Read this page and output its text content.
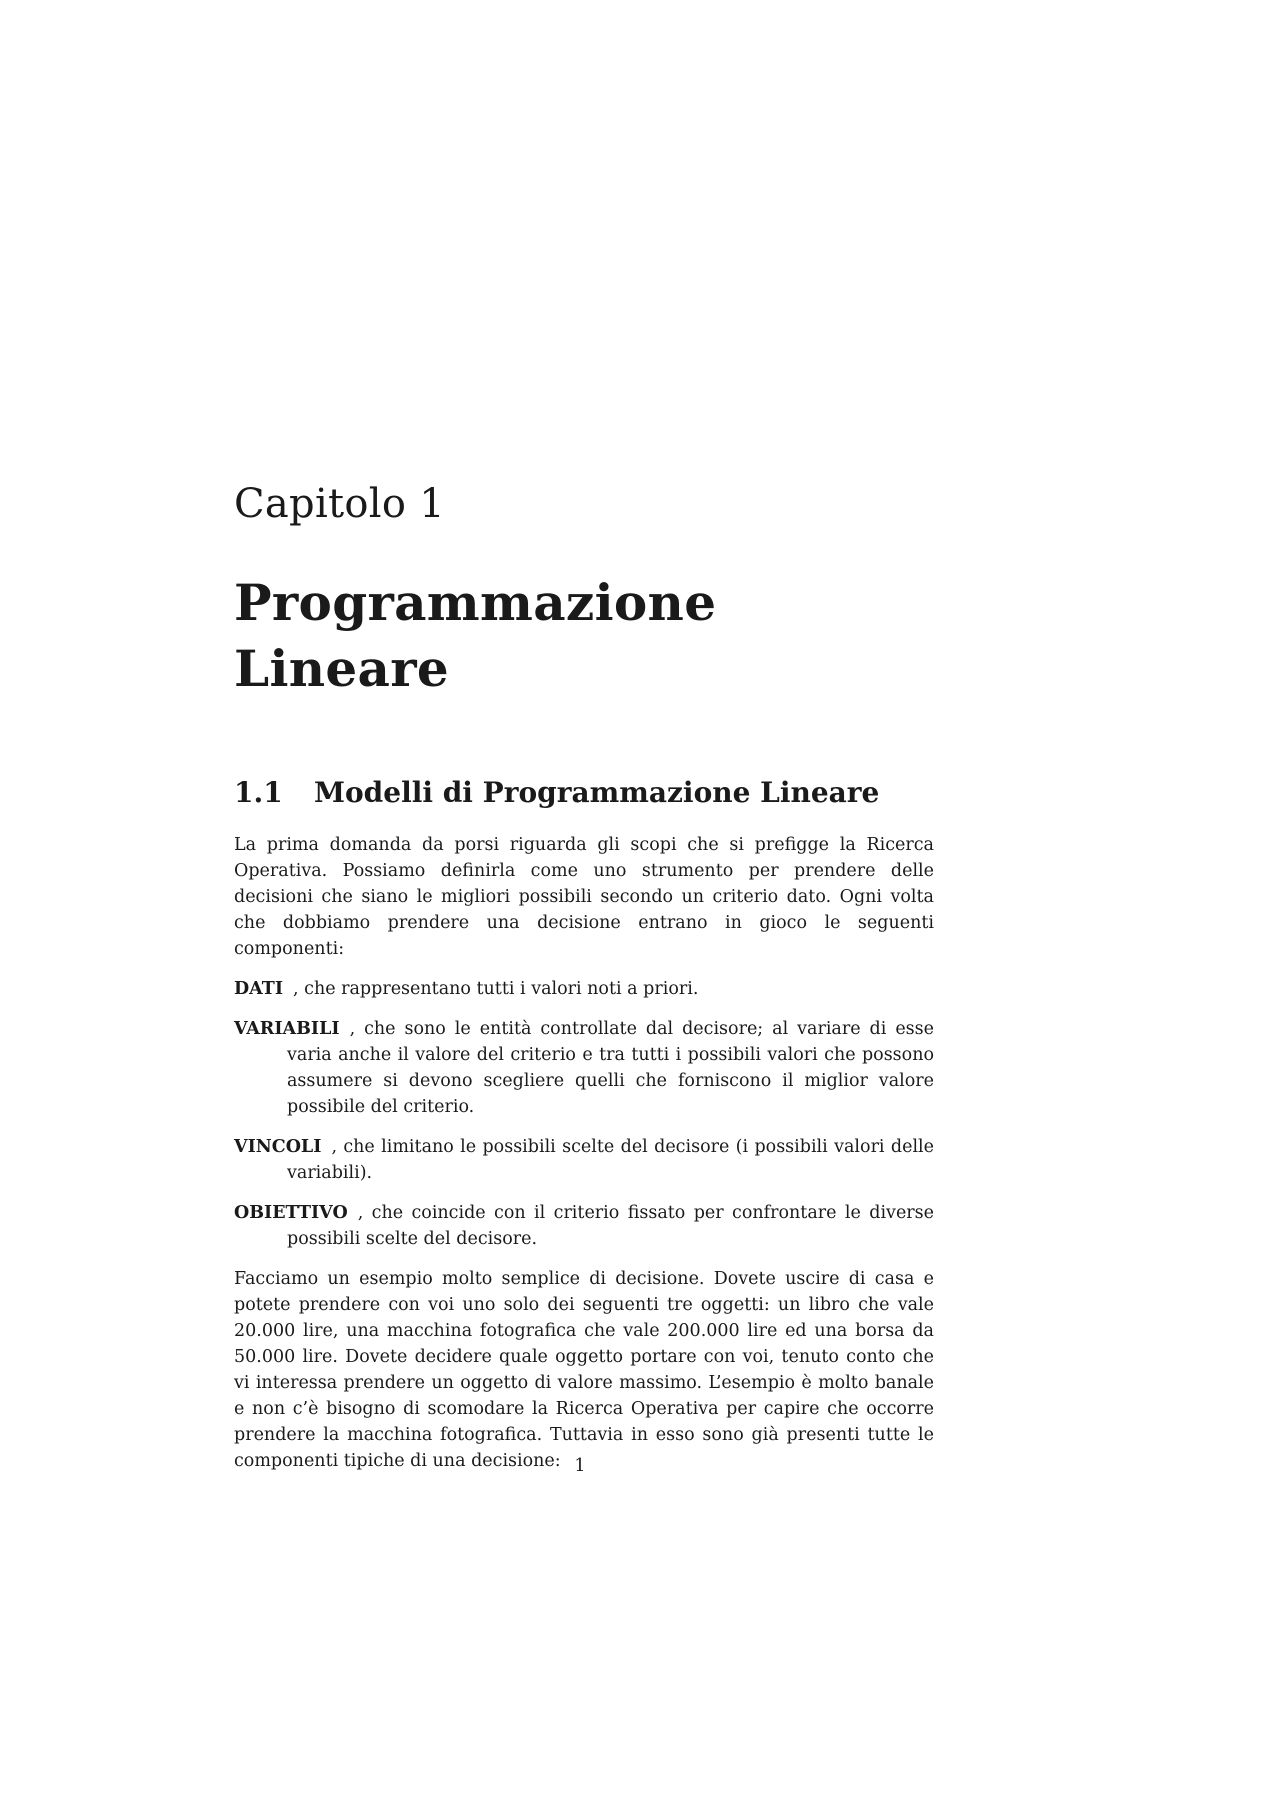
Capitolo 1
Programmazione Lineare
1.1	Modelli di Programmazione Lineare

La prima domanda da porsi riguarda gli scopi che si prefigge la Ricerca Operativa. Possiamo definirla come uno strumento per prendere delle decisioni che siano le migliori possibili secondo un criterio dato. Ogni volta che dobbiamo prendere una decisione entrano in gioco le seguenti componenti:

DATI , che rappresentano tutti i valori noti a priori.
VARIABILI , che sono le entità controllate dal decisore; al variare di esse varia anche il valore del criterio e tra tutti i possibili valori che possono assumere si devono scegliere quelli che forniscono il miglior valore possibile del criterio.
VINCOLI , che limitano le possibili scelte del decisore (i possibili valori delle variabili).
OBIETTIVO , che coincide con il criterio fissato per confrontare le diverse possibili scelte del decisore.

Facciamo un esempio molto semplice di decisione. Dovete uscire di casa e potete prendere con voi uno solo dei seguenti tre oggetti: un libro che vale 20.000 lire, una macchina fotografica che vale 200.000 lire ed una borsa da 50.000 lire. Dovete decidere quale oggetto portare con voi, tenuto conto che vi interessa prendere un oggetto di valore massimo. L’esempio è molto banale e non c’è bisogno di scomodare la Ricerca Operativa per capire che occorre prendere la macchina fotografica. Tuttavia in esso sono già presenti tutte le componenti tipiche di una decisione: 1
